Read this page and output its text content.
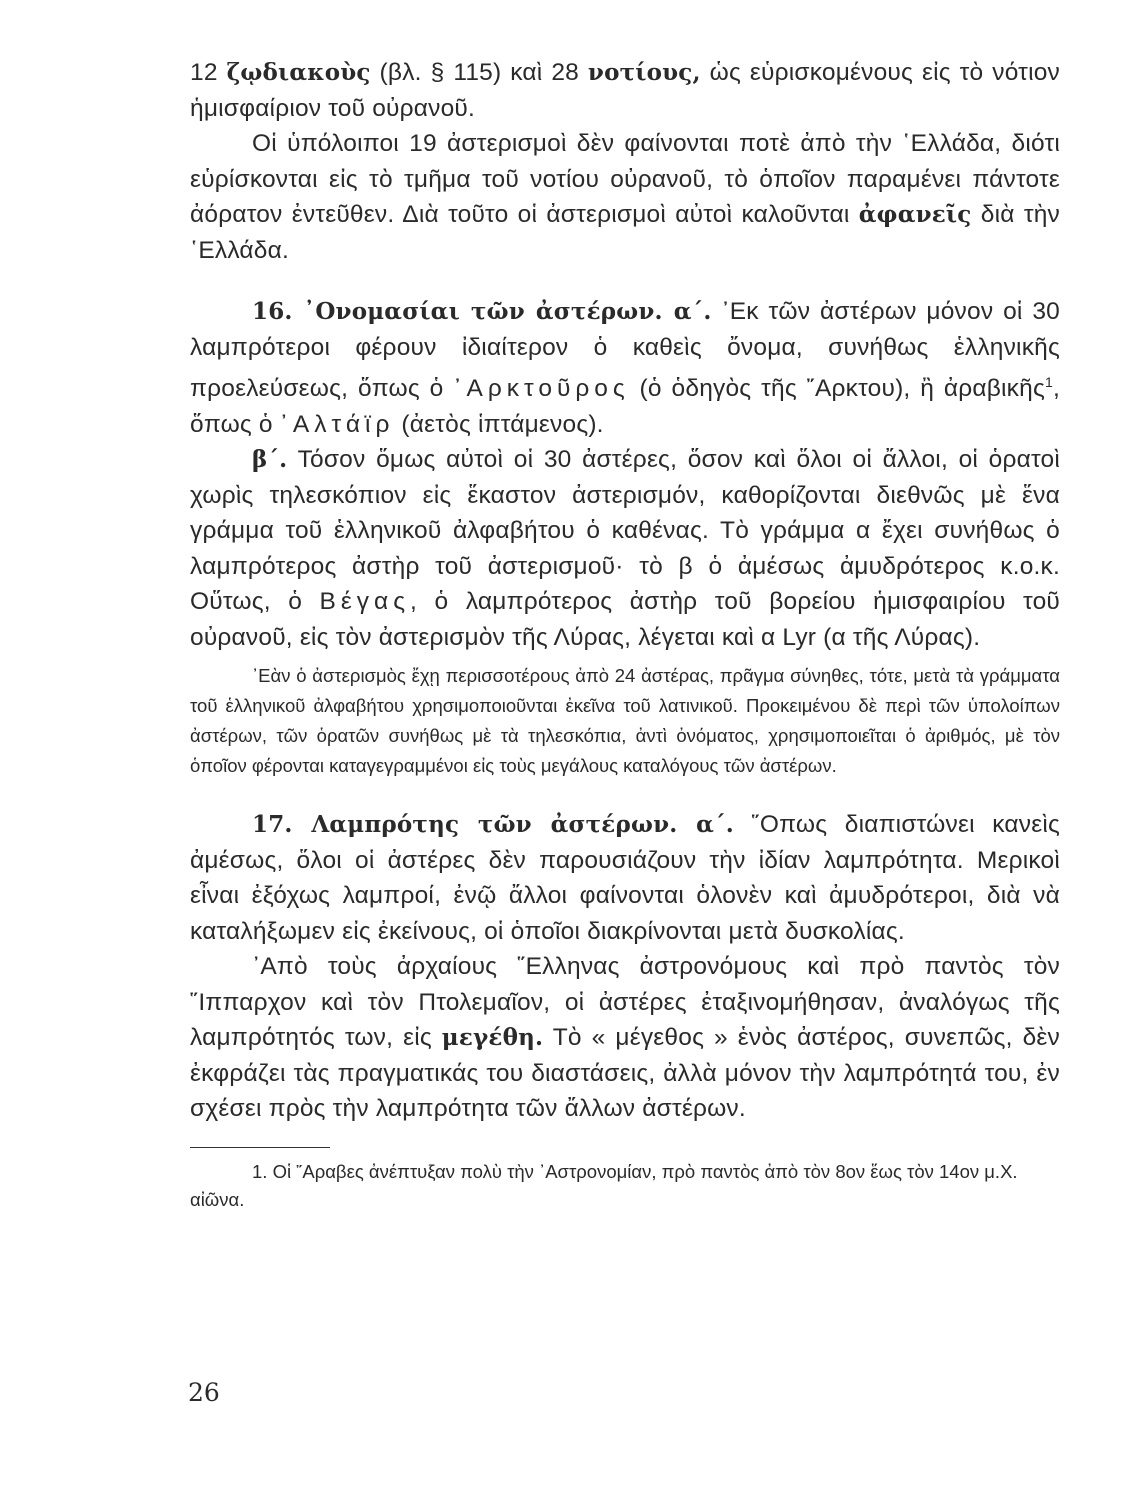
12 ζῳδιακοὺς (βλ. § 115) καὶ 28 νοτίους, ὡς εὑρισκομένους εἰς τὸ νότιον ἡμισφαίριον τοῦ οὐρανοῦ.

Οἱ ὑπόλοιποι 19 ἀστερισμοὶ δὲν φαίνονται ποτὲ ἀπὸ τὴν ῾Ελλάδα, διότι εὑρίσκονται εἰς τὸ τμῆμα τοῦ νοτίου οὐρανοῦ, τὸ ὁποῖον παραμένει πάντοτε ἀόρατον ἐντεῦθεν. Διὰ τοῦτο οἱ ἀστερισμοὶ αὐτοὶ καλοῦνται ἀφανεῖς διὰ τὴν ῾Ελλάδα.

16. ᾿Ονομασίαι τῶν ἀστέρων. α΄. ᾿Εκ τῶν ἀστέρων μόνον οἱ 30 λαμπρότεροι φέρουν ἰδιαίτερον ὁ καθεὶς ὄνομα, συνήθως ἑλληνικῆς προελεύσεως, ὅπως ὁ ᾿Αρκτοῦρος (ὁ ὁδηγὸς τῆς ῎Αρκτου), ἢ ἀραβικῆς$^1$, ὅπως ὁ ᾿Αλτάϊρ (ἀετὸς ἱπτάμενος).

β΄. Τόσον ὅμως αὐτοὶ οἱ 30 ἀστέρες, ὅσον καὶ ὅλοι οἱ ἄλλοι, οἱ ὁρατοὶ χωρὶς τηλεσκόπιον εἰς ἕκαστον ἀστερισμόν, καθορίζονται διεθνῶς μὲ ἕνα γράμμα τοῦ ἑλληνικοῦ ἀλφαβήτου ὁ καθένας. Τὸ γράμμα α ἔχει συνήθως ὁ λαμπρότερος ἀστὴρ τοῦ ἀστερισμοῦ· τὸ β ὁ ἀμέσως ἀμυδρότερος κ.ο.κ. Οὕτως, ὁ Βέγας, ὁ λαμπρότερος ἀστὴρ τοῦ βορείου ἡμισφαιρίου τοῦ οὐρανοῦ, εἰς τὸν ἀστερισμὸν τῆς Λύρας, λέγεται καὶ α Lyr (α τῆς Λύρας).

᾿Εὰν ὁ ἀστερισμὸς ἔχῃ περισσοτέρους ἀπὸ 24 ἀστέρας, πρᾶγμα σύνηθες, τότε, μετὰ τὰ γράμματα τοῦ ἑλληνικοῦ ἀλφαβήτου χρησιμοποιοῦνται ἐκεῖνα τοῦ λατινικοῦ. Προκειμένου δὲ περὶ τῶν ὑπολοίπων ἀστέρων, τῶν ὁρατῶν συνήθως μὲ τὰ τηλεσκόπια, ἀντὶ ὀνόματος, χρησιμοποιεῖται ὁ ἀριθμός, μὲ τὸν ὁποῖον φέρονται καταγεγραμμένοι εἰς τοὺς μεγάλους καταλόγους τῶν ἀστέρων.

17. Λαμπρότης τῶν ἀστέρων. α΄. ῞Οπως διαπιστώνει κανεὶς ἀμέσως, ὅλοι οἱ ἀστέρες δὲν παρουσιάζουν τὴν ἰδίαν λαμπρότητα. Μερικοὶ εἶναι ἐξόχως λαμπροί, ἐνῷ ἄλλοι φαίνονται ὁλονὲν καὶ ἀμυδρότεροι, διὰ νὰ καταλήξωμεν εἰς ἐκείνους, οἱ ὁποῖοι διακρίνονται μετὰ δυσκολίας.

᾿Απὸ τοὺς ἀρχαίους ῞Ελληνας ἀστρονόμους καὶ πρὸ παντὸς τὸν ῞Ιππαρχον καὶ τὸν Πτολεμαῖον, οἱ ἀστέρες ἐταξινομήθησαν, ἀναλόγως τῆς λαμπρότητός των, εἰς μεγέθη. Τὸ « μέγεθος » ἑνὸς ἀστέρος, συνεπῶς, δὲν ἐκφράζει τὰς πραγματικάς του διαστάσεις, ἀλλὰ μόνον τὴν λαμπρότητά του, ἐν σχέσει πρὸς τὴν λαμπρότητα τῶν ἄλλων ἀστέρων.

1. Οἱ ῎Αραβες ἀνέπτυξαν πολὺ τὴν ᾿Αστρονομίαν, πρὸ παντὸς ἀπὸ τὸν 8ον ἕως τὸν 14ον μ.Χ. αἰῶνα.

26
